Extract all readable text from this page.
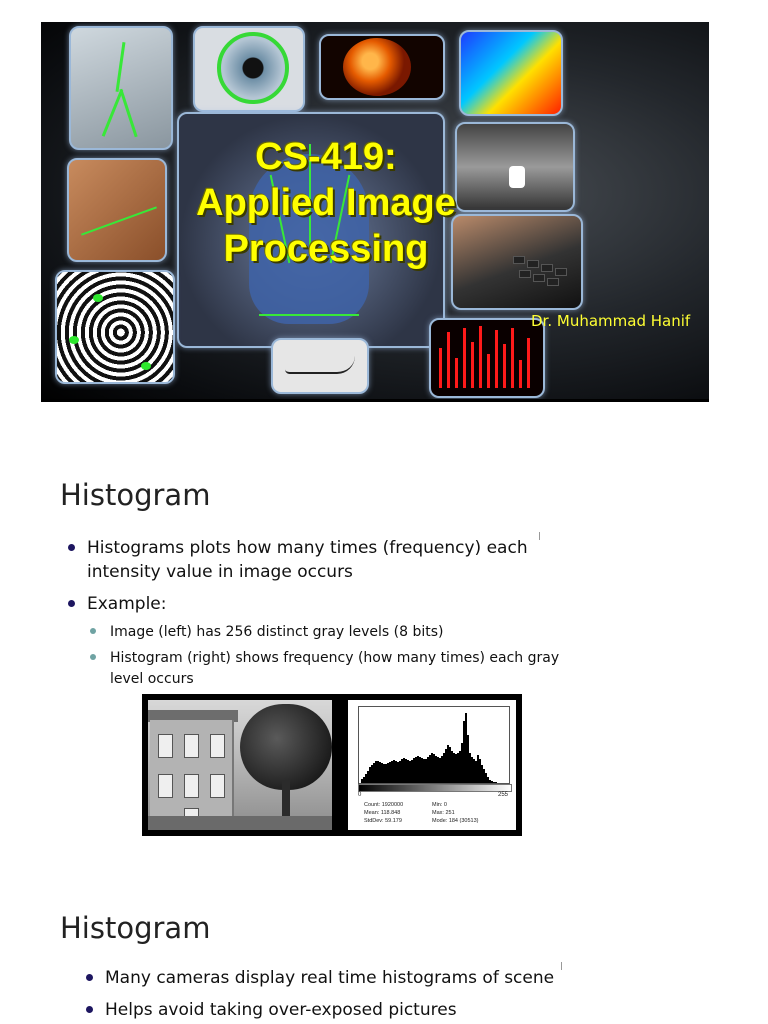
CS-419:
Applied Image
Processing
Dr. Muhammad Hanif
Histogram
Histograms plots how many times (frequency) each intensity value in image occurs
Example:
Image (left) has 256 distinct gray levels (8 bits)
Histogram (right) shows frequency (how many times) each gray level occurs
0	255
Count: 1920000
Mean: 118.848
StdDev: 59.179
Min: 0
Max: 251
Mode: 184 (30513)
Histogram
Many cameras display real time histograms of scene
Helps avoid taking over-exposed pictures
